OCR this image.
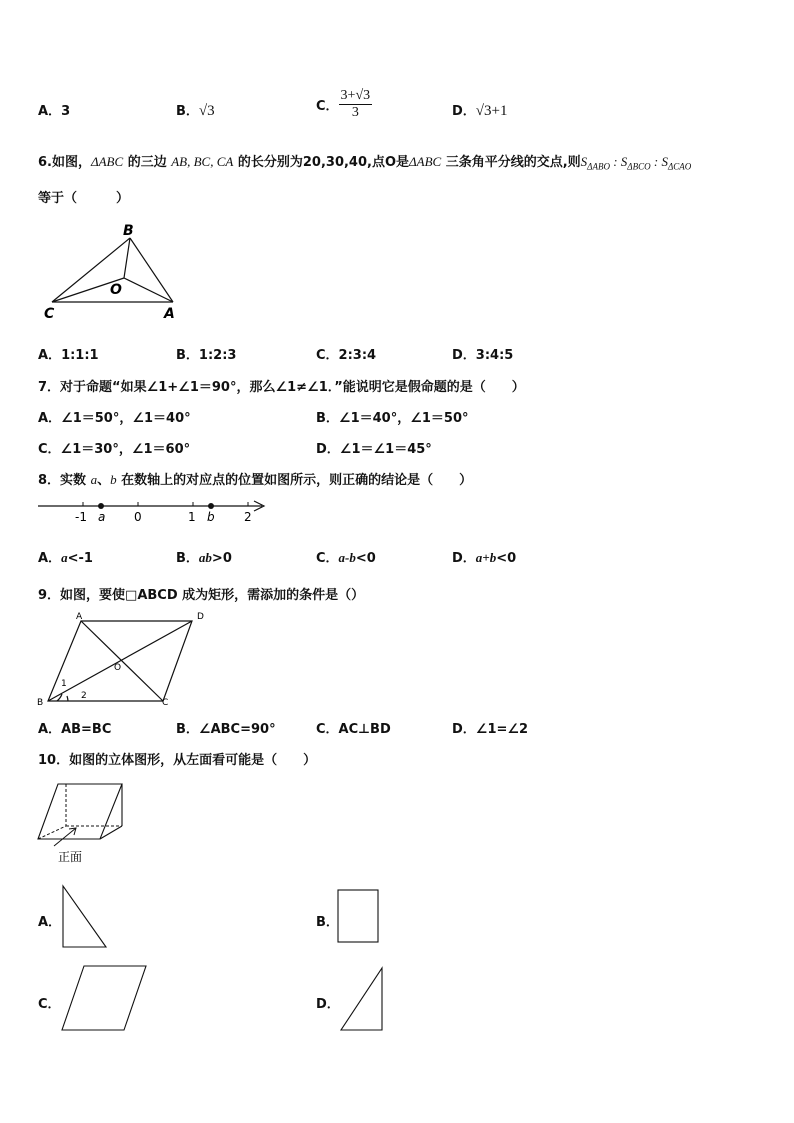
A．3	B．√3	C． $\frac{3+√3}{3}$	D．√3+1
6.如图，ΔABC 的三边 AB, BC, CA 的长分别为20,30,40,点O是ΔABC 三条角平分线的交点,则$S_{\Delta ABO}$ : $S_{\Delta BCO}$ : $S_{\Delta CAO}$
等于（　　　）
B
O
C	A
A．1:1:1	B．1:2:3	C．2:3:4	D．3:4:5
7．对于命题“如果∠1+∠1＝90°，那么∠1≠∠1．”能说明它是假命题的是（　　）
A．∠1＝50°，∠1＝40°	B．∠1＝40°，∠1＝50°
C．∠1＝30°，∠1＝60°	D．∠1＝∠1＝45°
8．实数 a、b 在数轴上的对应点的位置如图所示，则正确的结论是（　　）
-1 a 0	1 b 2
A．a<-1	B．ab>0	C．a-b<0	D．a+b<0
9．如图，要使□ABCD 成为矩形，需添加的条件是（）
A	D
O
B	C
1
2
A．AB=BC	B．∠ABC=90°	C．AC⊥BD	D．∠1=∠2
10．如图的立体图形，从左面看可能是（　　）
正面
A．	B．
C．	D．
